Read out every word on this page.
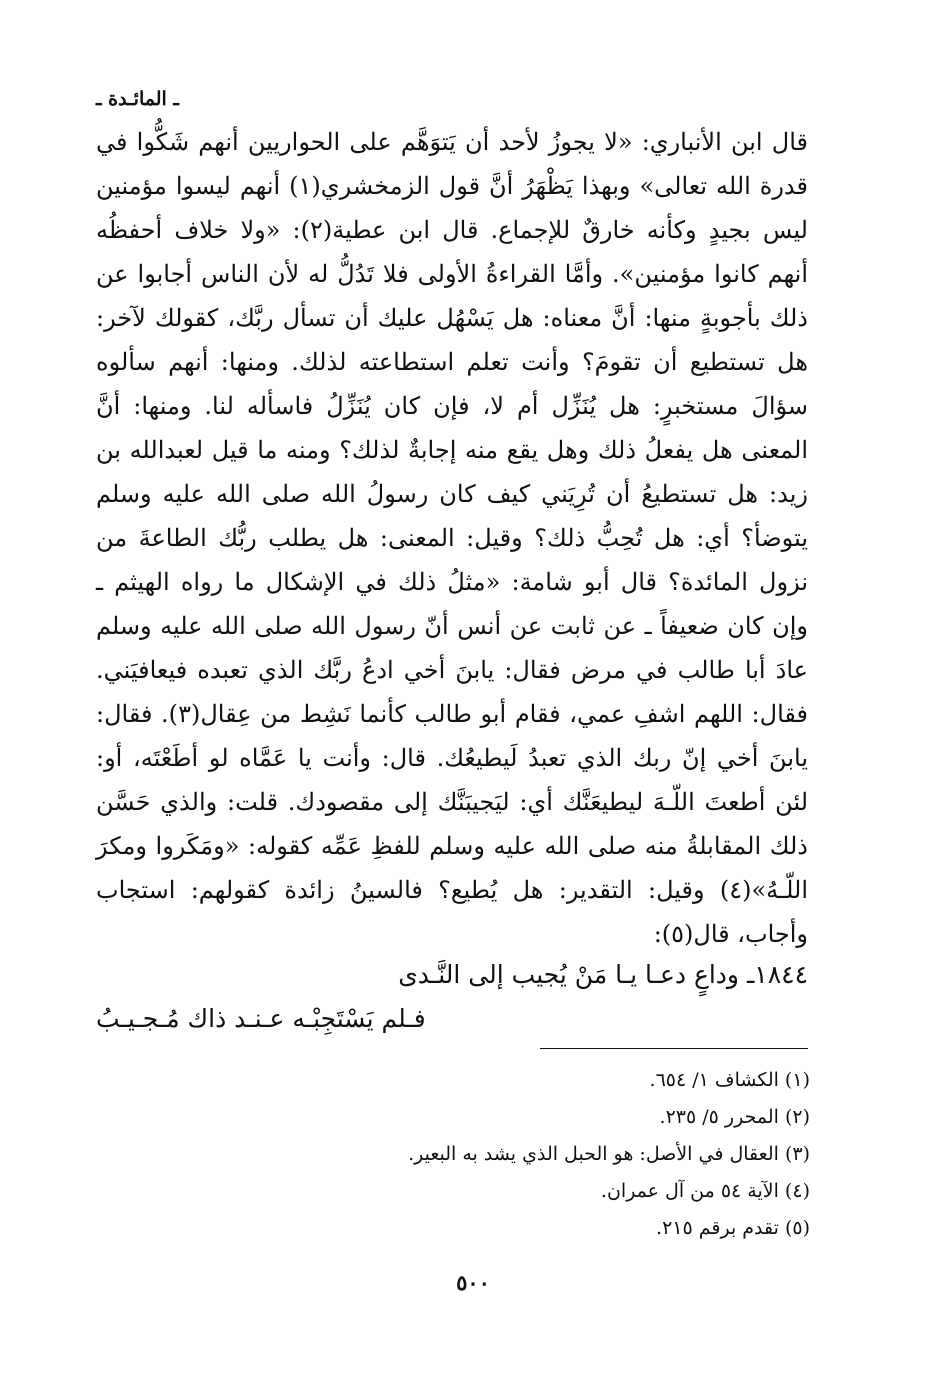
ـ المائـدة ـ

قال ابن الأنباري: «لا يجوزُ لأحد أن يَتوَهَّم على الحواريين أنهم شَكُّوا في قدرة الله تعالى» وبهذا يَظْهَرُ أنَّ قول الزمخشري(١) أنهم ليسوا مؤمنين ليس بجيدٍ وكأنه خارقٌ للإجماع. قال ابن عطية(٢): «ولا خلاف أحفظُه أنهم كانوا مؤمنين». وأمَّا القراءةُ الأولى فلا تَدُلُّ له لأن الناس أجابوا عن ذلك بأجوبةٍ منها: أنَّ معناه: هل يَسْهُل عليك أن تسأل ربَّك، كقولك لآخر: هل تستطيع أن تقومَ؟ وأنت تعلم استطاعته لذلك. ومنها: أنهم سألوه سؤالَ مستخبرٍ: هل يُنَزِّل أم لا، فإن كان يُنَزِّلُ فاسأله لنا. ومنها: أنَّ المعنى هل يفعلُ ذلك وهل يقع منه إجابةٌ لذلك؟ ومنه ما قيل لعبدالله بن زيد: هل تستطيعُ أن تُرِيَني كيف كان رسولُ الله صلى الله عليه وسلم يتوضأ؟ أي: هل تُحِبُّ ذلك؟ وقيل: المعنى: هل يطلب ربُّك الطاعةَ من نزول المائدة؟ قال أبو شامة: «مثلُ ذلك في الإشكال ما رواه الهيثم ـ وإن كان ضعيفاً ـ عن ثابت عن أنس أنّ رسول الله صلى الله عليه وسلم عادَ أبا طالب في مرض فقال: يابنَ أخي ادعُ ربَّك الذي تعبده فيعافيَني. فقال: اللهم اشفِ عمي، فقام أبو طالب كأنما نَشِط من عِقال(٣). فقال: يابنَ أخي إنّ ربك الذي تعبدُ لَيطيعُك. قال: وأنت يا عَمَّاه لو أطَعْتَه، أو: لئن أطعتَ اللّـهَ ليطيعَنَّك أي: ليَجيبَنَّك إلى مقصودك. قلت: والذي حَسَّن ذلك المقابلةُ منه صلى الله عليه وسلم للفظِ عَمِّه كقوله: «ومَكَروا ومكرَ اللّـهُ»(٤) وقيل: التقدير: هل يُطيع؟ فالسينُ زائدة كقولهم: استجاب وأجاب، قال(٥):

١٨٤٤ـ وداعٍ دعـا يـا مَنْ يُجيب إلى النَّـدى
فـلم يَسْتَجِبْـه عـنـد ذاك مُـجـيـبُ
(١) الكشاف ١/ ٦٥٤.
(٢) المحرر ٥/ ٢٣٥.
(٣) العقال في الأصل: هو الحبل الذي يشد به البعير.
(٤) الآية ٥٤ من آل عمران.
(٥) تقدم برقم ٢١٥.
٥٠٠
